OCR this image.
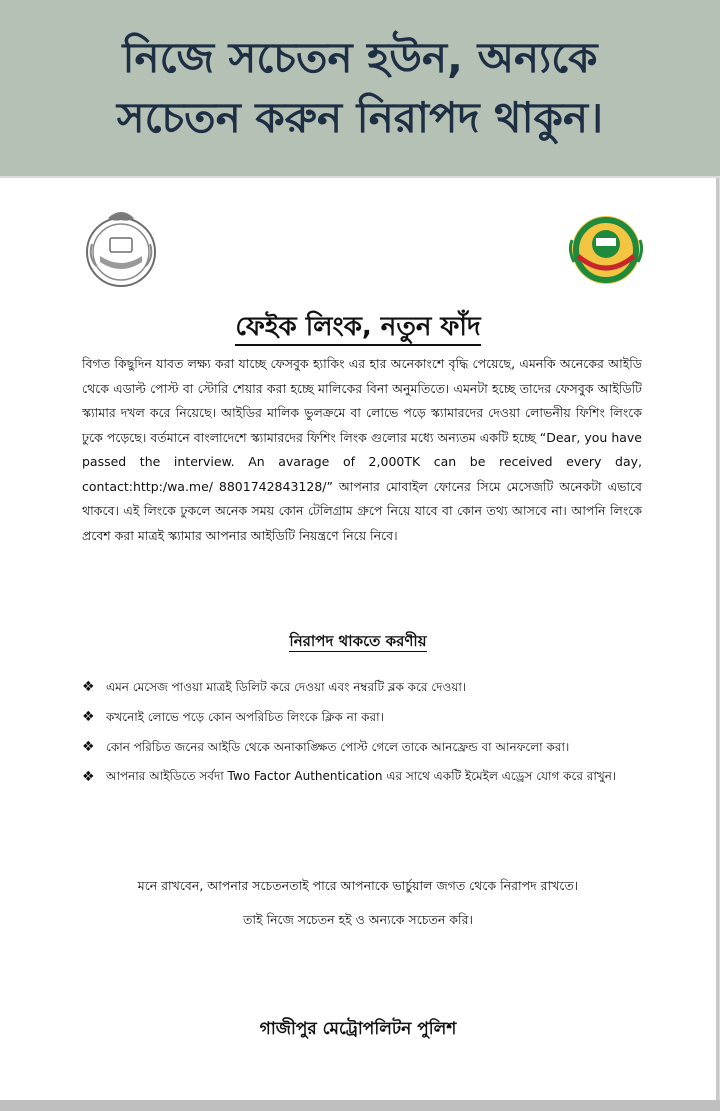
নিজে সচেতন হউন, অন্যকে
সচেতন করুন নিরাপদ থাকুন।
ফেইক লিংক, নতুন ফাঁদ
বিগত কিছুদিন যাবত লক্ষ্য করা যাচ্ছে ফেসবুক হ্যাকিং এর হার অনেকাংশে বৃদ্ধি পেয়েছে, এমনকি অনেকের আইডি থেকে এডাল্ট পোস্ট বা স্টোরি শেয়ার করা হচ্ছে মালিকের বিনা অনুমতিতে। এমনটা হচ্ছে তাদের ফেসবুক আইডিটি স্ক্যামার দখল করে নিয়েছে। আইডির মালিক ভুলক্রমে বা লোভে পড়ে স্ক্যামারদের দেওয়া লোভনীয় ফিশিং লিংকে ঢুকে পড়েছে। বর্তমানে বাংলাদেশে স্ক্যামারদের ফিশিং লিংক গুলোর মধ্যে অন্যতম একটি হচ্ছে “Dear, you have passed the interview. An avarage of 2,000TK can be received every day, contact:http:/wa.me/ 8801742843128/” আপনার মোবাইল ফোনের সিমে মেসেজটি অনেকটা এভাবে থাকবে। এই লিংকে ঢুকলে অনেক সময় কোন টেলিগ্রাম গ্রুপে নিয়ে যাবে বা কোন তথ্য আসবে না। আপনি লিংকে প্রবেশ করা মাত্রই স্ক্যামার আপনার আইডিটি নিয়ন্ত্রণে নিয়ে নিবে।
নিরাপদ থাকতে করণীয়
❖ এমন মেসেজ পাওয়া মাত্রই ডিলিট করে দেওয়া এবং নম্বরটি ব্লক করে দেওয়া।
❖ কখনোই লোভে পড়ে কোন অপরিচিত লিংকে ক্লিক না করা।
❖ কোন পরিচিত জনের আইডি থেকে অনাকাঙ্ক্ষিত পোস্ট গেলে তাকে আনফ্রেন্ড বা আনফলো করা।
❖ আপনার আইডিতে সর্বদা Two Factor Authentication এর সাথে একটি ইমেইল এড্রেস যোগ করে রাখুন।
মনে রাখবেন, আপনার সচেতনতাই পারে আপনাকে ভার্চুয়াল জগত থেকে নিরাপদ রাখতে।
তাই নিজে সচেতন হই ও অন্যকে সচেতন করি।
গাজীপুর মেট্রোপলিটন পুলিশ
